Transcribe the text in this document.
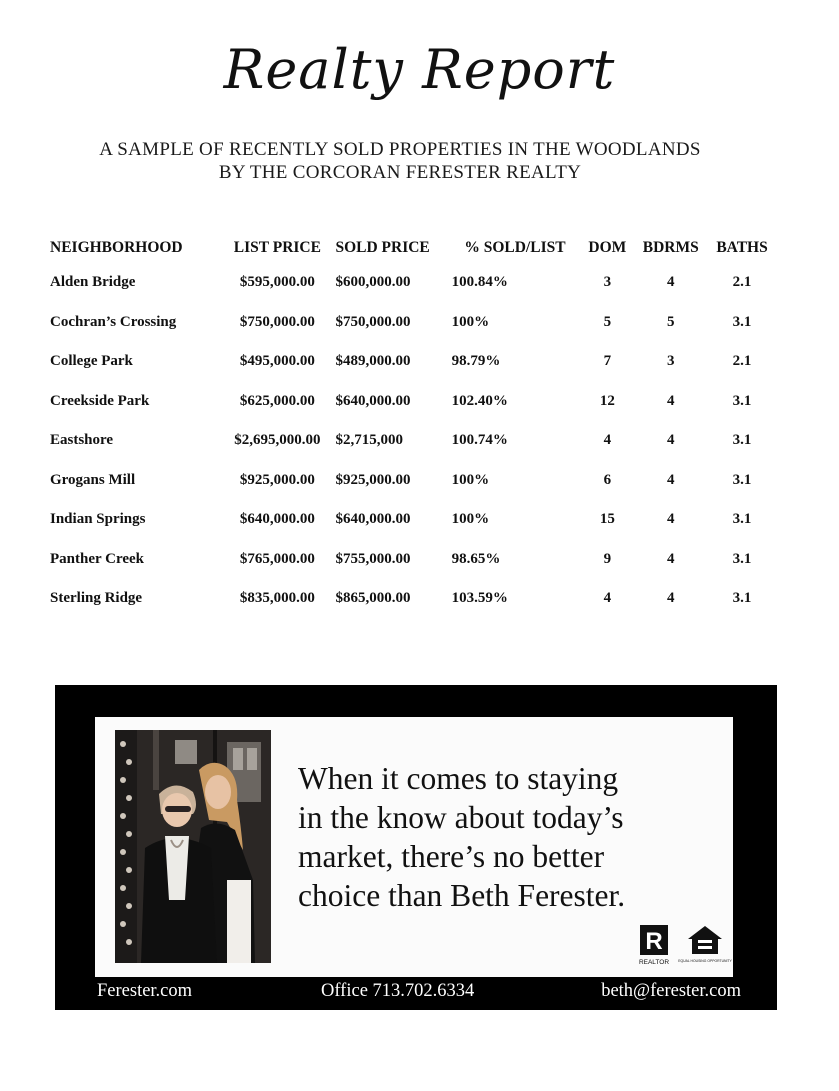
Realty Report
A SAMPLE OF RECENTLY SOLD PROPERTIES IN THE WOODLANDS
BY THE CORCORAN FERESTER REALTY
NEIGHBORHOOD	LIST PRICE	SOLD PRICE	% SOLD/LIST	DOM	BDRMS	BATHS
Alden Bridge	$595,000.00	$600,000.00	100.84%	3	4	2.1
Cochran’s Crossing	$750,000.00	$750,000.00	100%	5	5	3.1
College Park	$495,000.00	$489,000.00	98.79%	7	3	2.1
Creekside Park	$625,000.00	$640,000.00	102.40%	12	4	3.1
Eastshore	$2,695,000.00	$2,715,000	100.74%	4	4	3.1
Grogans Mill	$925,000.00	$925,000.00	100%	6	4	3.1
Indian Springs	$640,000.00	$640,000.00	100%	15	4	3.1
Panther Creek	$765,000.00	$755,000.00	98.65%	9	4	3.1
Sterling Ridge	$835,000.00	$865,000.00	103.59%	4	4	3.1
When it comes to staying
in the know about today’s
market, there’s no better
choice than Beth Ferester.
R
REALTOR	EQUAL HOUSING OPPORTUNITY
Ferester.com	Office 713.702.6334	beth@ferester.com
